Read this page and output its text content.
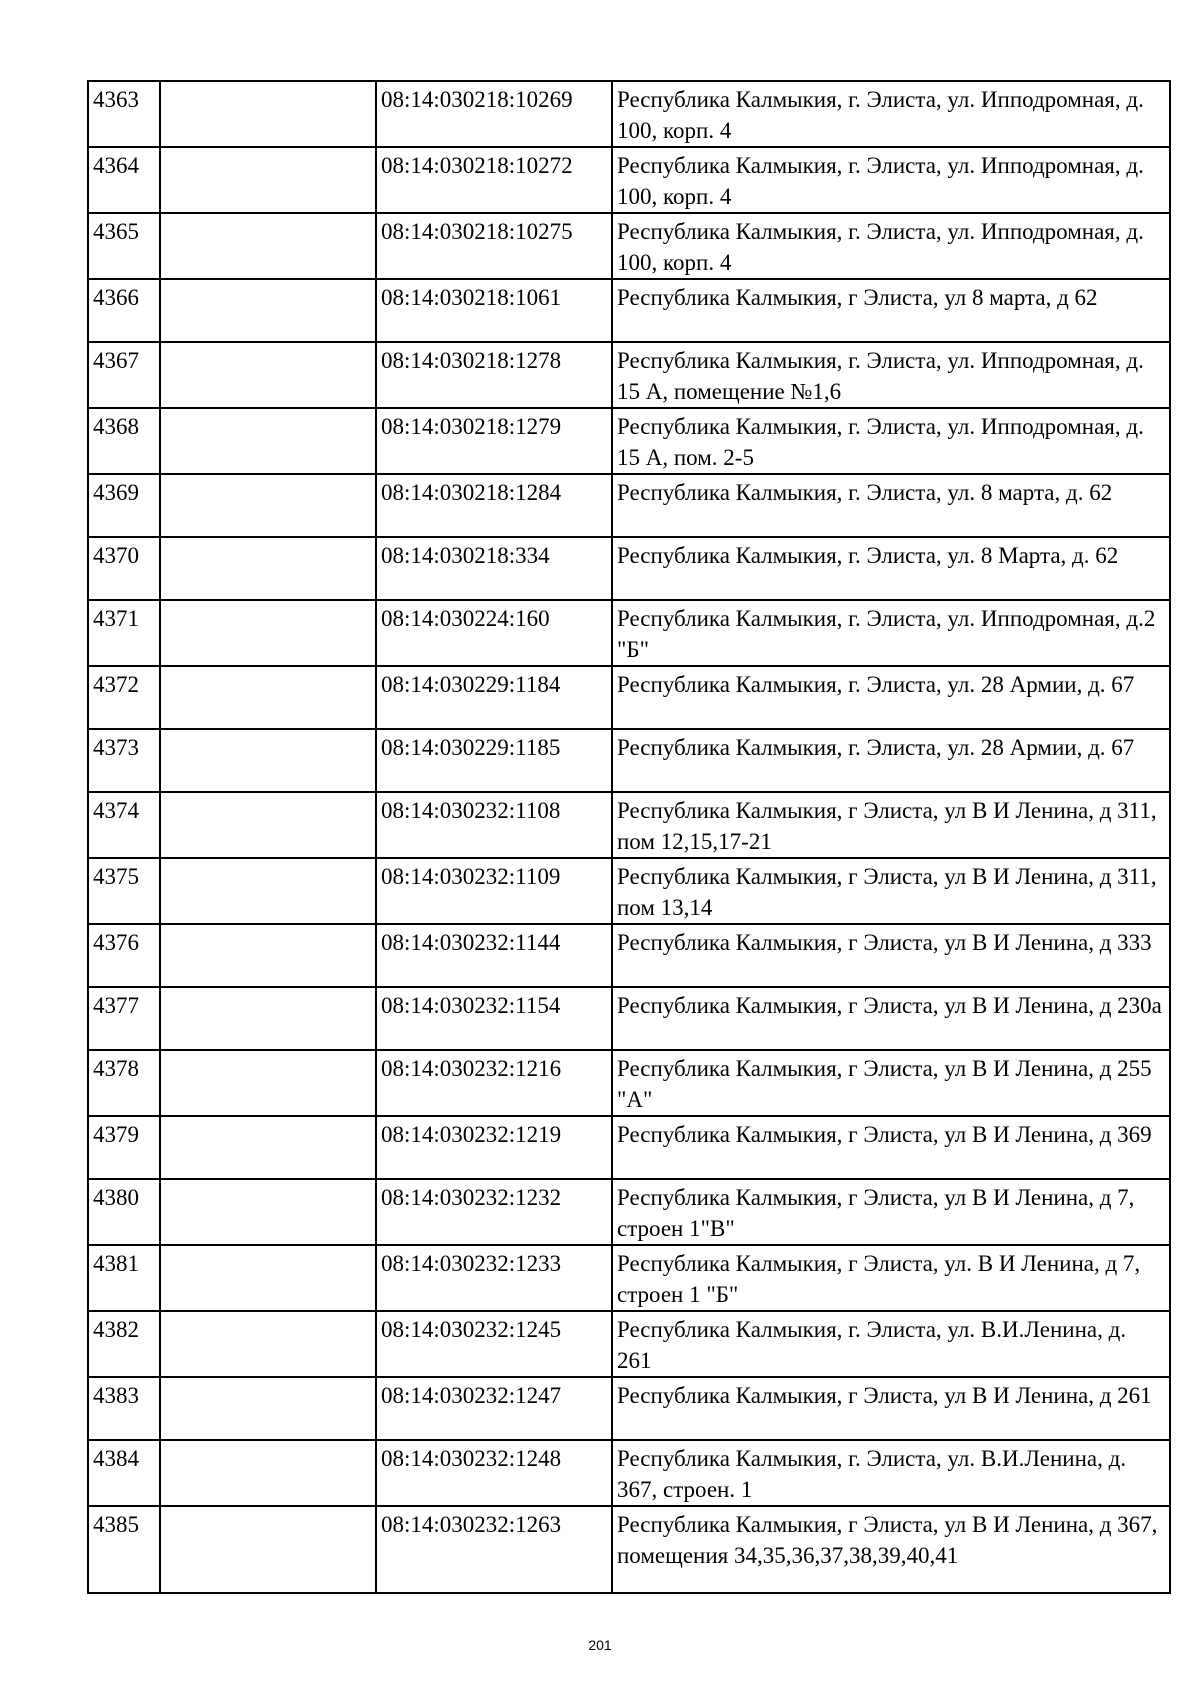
4363		08:14:030218:10269	Республика Калмыкия, г. Элиста, ул. Ипподромная, д. 100, корп. 4
4364		08:14:030218:10272	Республика Калмыкия, г. Элиста, ул. Ипподромная, д. 100, корп. 4
4365		08:14:030218:10275	Республика Калмыкия, г. Элиста, ул. Ипподромная, д. 100, корп. 4
4366		08:14:030218:1061	Республика Калмыкия, г Элиста, ул 8 марта, д 62
4367		08:14:030218:1278	Республика Калмыкия, г. Элиста, ул. Ипподромная, д. 15 А, помещение №1,6
4368		08:14:030218:1279	Республика Калмыкия, г. Элиста, ул. Ипподромная, д. 15 А, пом. 2-5
4369		08:14:030218:1284	Республика Калмыкия, г. Элиста, ул. 8 марта, д. 62
4370		08:14:030218:334	Республика Калмыкия, г. Элиста, ул. 8 Марта, д. 62
4371		08:14:030224:160	Республика Калмыкия, г. Элиста, ул. Ипподромная, д.2 "Б"
4372		08:14:030229:1184	Республика Калмыкия, г. Элиста, ул. 28 Армии, д. 67
4373		08:14:030229:1185	Республика Калмыкия, г. Элиста, ул. 28 Армии, д. 67
4374		08:14:030232:1108	Республика Калмыкия, г Элиста, ул В И Ленина, д 311, пом 12,15,17-21
4375		08:14:030232:1109	Республика Калмыкия, г Элиста, ул В И Ленина, д 311, пом 13,14
4376		08:14:030232:1144	Республика Калмыкия, г Элиста, ул В И Ленина, д 333
4377		08:14:030232:1154	Республика Калмыкия, г Элиста, ул В И Ленина, д 230а
4378		08:14:030232:1216	Республика Калмыкия, г Элиста, ул В И Ленина, д 255 "А"
4379		08:14:030232:1219	Республика Калмыкия, г Элиста, ул В И Ленина, д 369
4380		08:14:030232:1232	Республика Калмыкия, г Элиста, ул В И Ленина, д 7, строен 1"В"
4381		08:14:030232:1233	Республика Калмыкия, г Элиста, ул. В И Ленина, д 7, строен 1 "Б"
4382		08:14:030232:1245	Республика Калмыкия, г. Элиста, ул. В.И.Ленина, д. 261
4383		08:14:030232:1247	Республика Калмыкия, г Элиста, ул В И Ленина, д 261
4384		08:14:030232:1248	Республика Калмыкия, г. Элиста, ул. В.И.Ленина, д. 367, строен. 1
4385		08:14:030232:1263	Республика Калмыкия, г Элиста, ул В И Ленина, д 367, помещения 34,35,36,37,38,39,40,41
201
